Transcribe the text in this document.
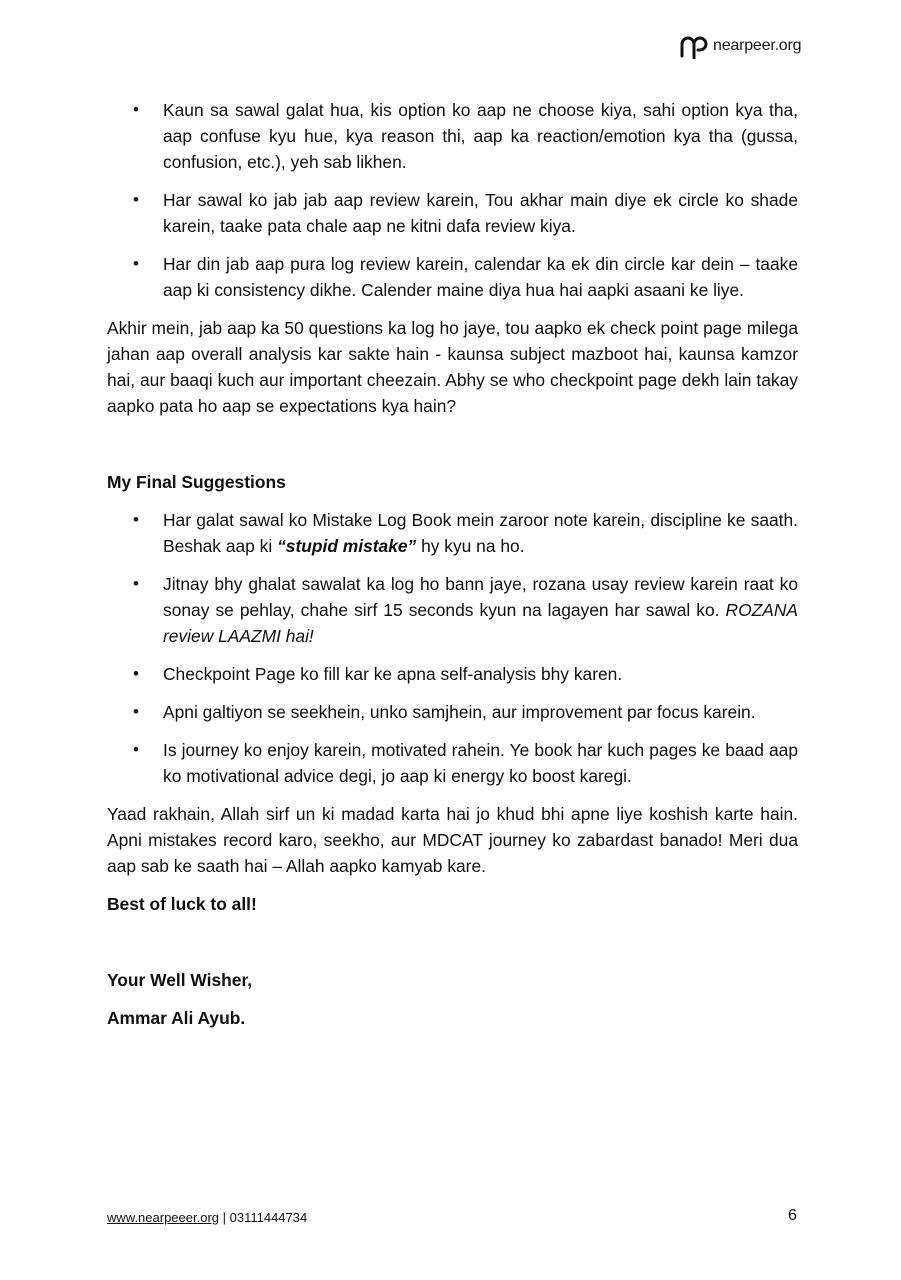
nearpeer.org
• Kaun sa sawal galat hua, kis option ko aap ne choose kiya, sahi option kya tha, aap confuse kyu hue, kya reason thi, aap ka reaction/emotion kya tha (gussa, confusion, etc.), yeh sab likhen.
• Har sawal ko jab jab aap review karein, Tou akhar main diye ek circle ko shade karein, taake pata chale aap ne kitni dafa review kiya.
• Har din jab aap pura log review karein, calendar ka ek din circle kar dein – taake aap ki consistency dikhe. Calender maine diya hua hai aapki asaani ke liye.

Akhir mein, jab aap ka 50 questions ka log ho jaye, tou aapko ek check point page milega jahan aap overall analysis kar sakte hain - kaunsa subject mazboot hai, kaunsa kamzor hai, aur baaqi kuch aur important cheezain. Abhy se who checkpoint page dekh lain takay aapko pata ho aap se expectations kya hain?

My Final Suggestions
• Har galat sawal ko Mistake Log Book mein zaroor note karein, discipline ke saath. Beshak aap ki “stupid mistake” hy kyu na ho.
• Jitnay bhy ghalat sawalat ka log ho bann jaye, rozana usay review karein raat ko sonay se pehlay, chahe sirf 15 seconds kyun na lagayen har sawal ko. ROZANA review LAAZMI hai!
• Checkpoint Page ko fill kar ke apna self-analysis bhy karen.
• Apni galtiyon se seekhein, unko samjhein, aur improvement par focus karein.
• Is journey ko enjoy karein, motivated rahein. Ye book har kuch pages ke baad aap ko motivational advice degi, jo aap ki energy ko boost karegi.

Yaad rakhain, Allah sirf un ki madad karta hai jo khud bhi apne liye koshish karte hain. Apni mistakes record karo, seekho, aur MDCAT journey ko zabardast banado! Meri dua aap sab ke saath hai – Allah aapko kamyab kare.

Best of luck to all!

Your Well Wisher,

Ammar Ali Ayub.

www.nearpeeer.org | 03111444734	6
